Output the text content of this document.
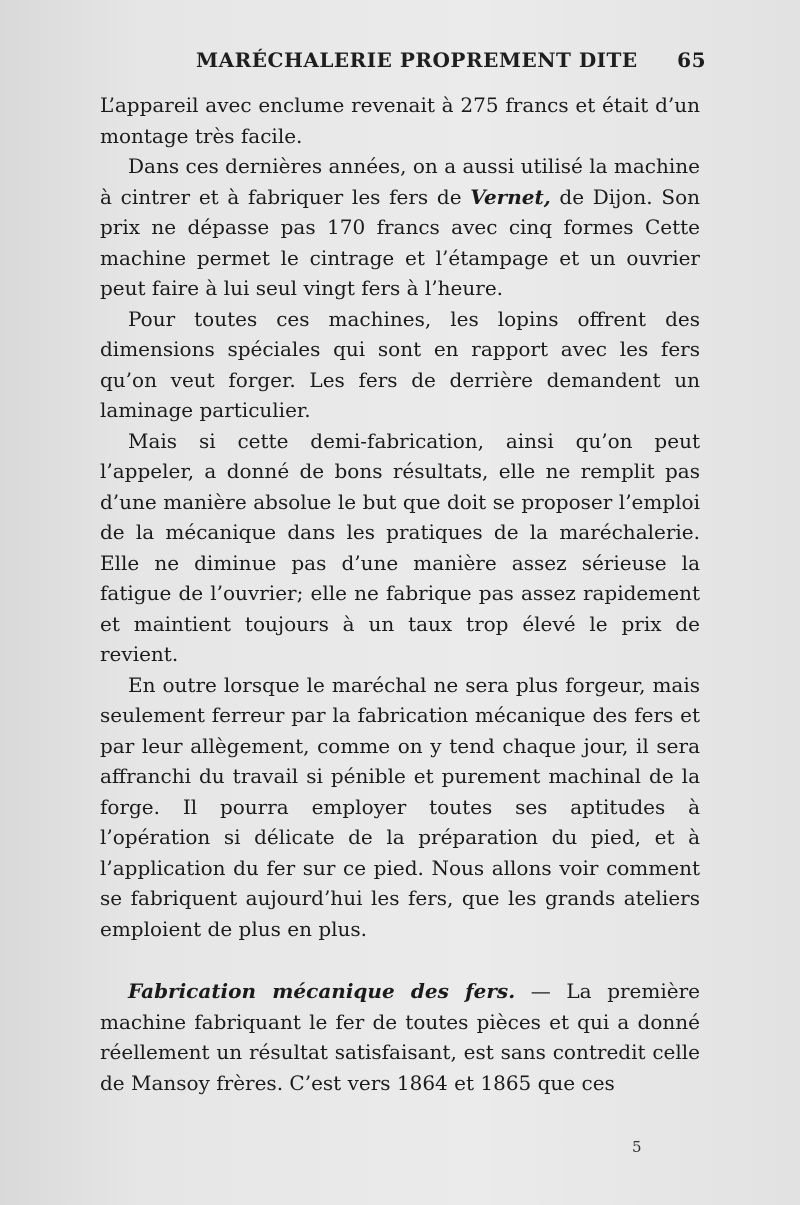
MARÉCHALERIE PROPREMENT DITE 65

L’appareil avec enclume revenait à 275 francs et était d’un montage très facile.

Dans ces dernières années, on a aussi utilisé la machine à cintrer et à fabriquer les fers de Vernet, de Dijon. Son prix ne dépasse pas 170 francs avec cinq formes Cette machine permet le cintrage et l’étampage et un ouvrier peut faire à lui seul vingt fers à l’heure.

Pour toutes ces machines, les lopins offrent des dimensions spéciales qui sont en rapport avec les fers qu’on veut forger. Les fers de derrière demandent un laminage particulier.

Mais si cette demi-fabrication, ainsi qu’on peut l’appeler, a donné de bons résultats, elle ne remplit pas d’une manière absolue le but que doit se proposer l’emploi de la mécanique dans les pratiques de la maréchalerie. Elle ne diminue pas d’une manière assez sérieuse la fatigue de l’ouvrier; elle ne fabrique pas assez rapidement et maintient toujours à un taux trop élevé le prix de revient.

En outre lorsque le maréchal ne sera plus forgeur, mais seulement ferreur par la fabrication mécanique des fers et par leur allègement, comme on y tend chaque jour, il sera affranchi du travail si pénible et purement machinal de la forge. Il pourra employer toutes ses aptitudes à l’opération si délicate de la préparation du pied, et à l’application du fer sur ce pied. Nous allons voir comment se fabriquent aujourd’hui les fers, que les grands ateliers emploient de plus en plus.

Fabrication mécanique des fers. — La première machine fabriquant le fer de toutes pièces et qui a donné réellement un résultat satisfaisant, est sans contredit celle de Mansoy frères. C’est vers 1864 et 1865 que ces

5
